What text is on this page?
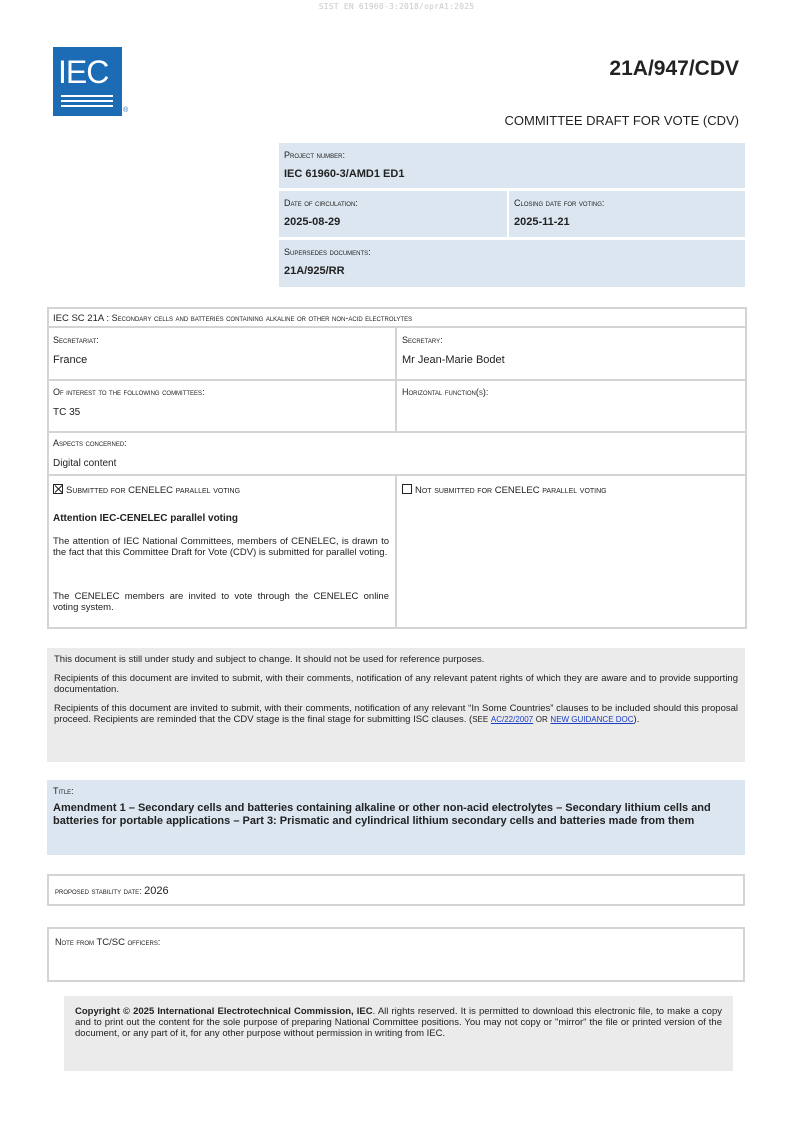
SIST EN 61960-3:2018/oprA1:2025
IEC
®
21A/947/CDV
COMMITTEE DRAFT FOR VOTE (CDV)
Project number:
IEC 61960-3/AMD1 ED1
Date of circulation:
2025-08-29
Closing date for voting:
2025-11-21
Supersedes documents:
21A/925/RR
IEC SC 21A : Secondary cells and batteries containing alkaline or other non-acid electrolytes
Secretariat:
France
Secretary:
Mr Jean-Marie Bodet
Of interest to the following committees:
TC 35
Horizontal function(s):
Aspects concerned:
Digital content
Submitted for CENELEC parallel voting	Not submitted for CENELEC parallel voting
Attention IEC-CENELEC parallel voting
The attention of IEC National Committees, members of CENELEC, is drawn to the fact that this Committee Draft for Vote (CDV) is submitted for parallel voting.
The CENELEC members are invited to vote through the CENELEC online voting system.

This document is still under study and subject to change. It should not be used for reference purposes.

Recipients of this document are invited to submit, with their comments, notification of any relevant patent rights of which they are aware and to provide supporting documentation.

Recipients of this document are invited to submit, with their comments, notification of any relevant “In Some Countries” clauses to be included should this proposal proceed. Recipients are reminded that the CDV stage is the final stage for submitting ISC clauses. (SEE AC/22/2007 OR NEW GUIDANCE DOC).

Title:
Amendment 1 – Secondary cells and batteries containing alkaline or other non-acid electrolytes – Secondary lithium cells and batteries for portable applications – Part 3: Prismatic and cylindrical lithium secondary cells and batteries made from them
proposed stability date: 2026
Note from TC/SC officers:

Copyright © 2025 International Electrotechnical Commission, IEC. All rights reserved. It is permitted to download this electronic file, to make a copy and to print out the content for the sole purpose of preparing National Committee positions. You may not copy or "mirror" the file or printed version of the document, or any part of it, for any other purpose without permission in writing from IEC.
